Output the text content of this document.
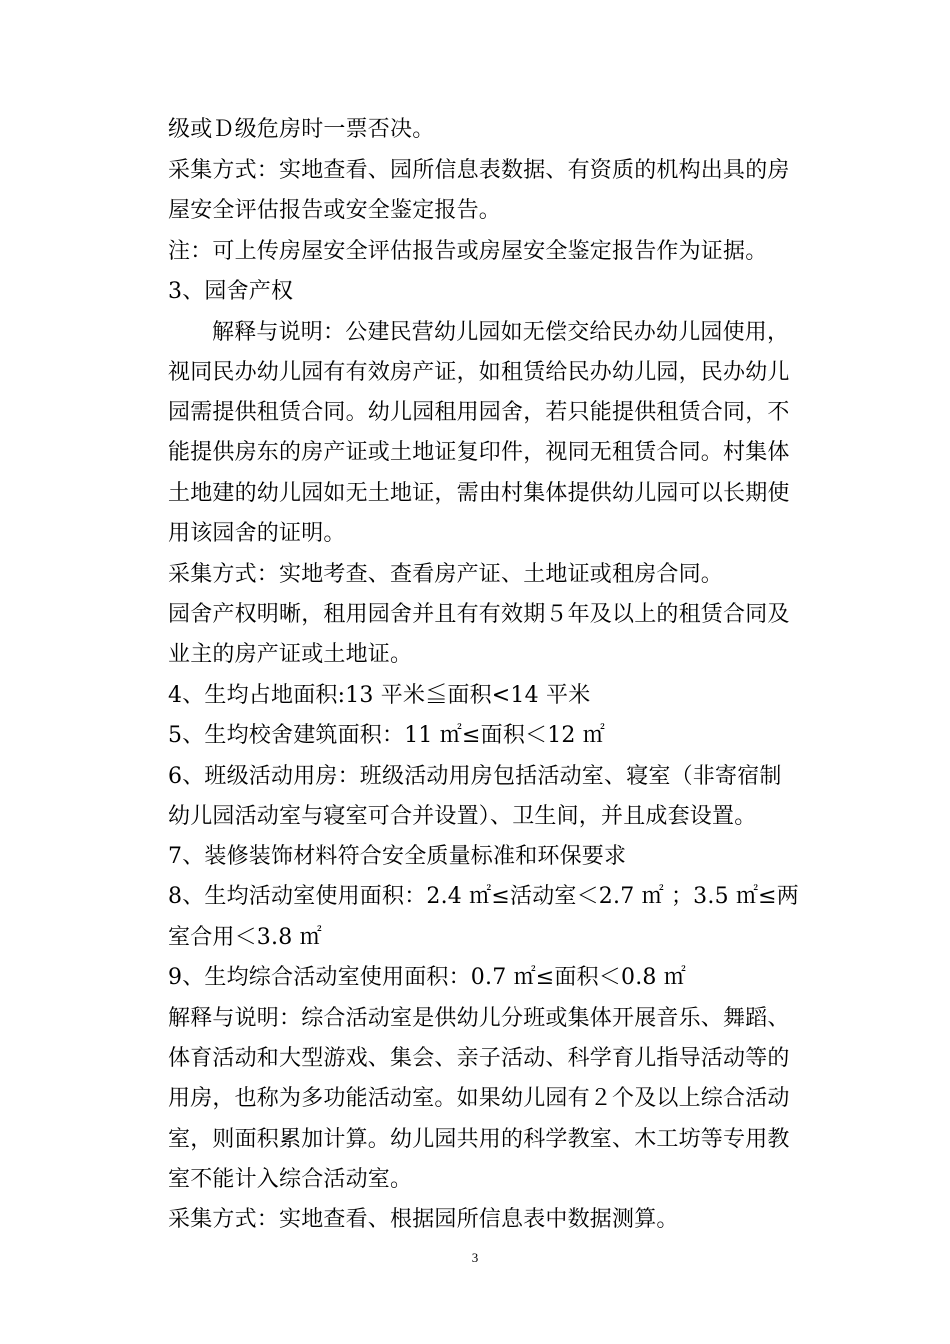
级或Ｄ级危房时一票否决。
采集方式：实地查看、园所信息表数据、有资质的机构出具的房
屋安全评估报告或安全鉴定报告。
注：可上传房屋安全评估报告或房屋安全鉴定报告作为证据。
3、园舍产权
解释与说明：公建民营幼儿园如无偿交给民办幼儿园使用，
视同民办幼儿园有有效房产证，如租赁给民办幼儿园，民办幼儿
园需提供租赁合同。幼儿园租用园舍，若只能提供租赁合同，不
能提供房东的房产证或土地证复印件，视同无租赁合同。村集体
土地建的幼儿园如无土地证，需由村集体提供幼儿园可以长期使
用该园舍的证明。
采集方式：实地考查、查看房产证、土地证或租房合同。
园舍产权明晰，租用园舍并且有有效期５年及以上的租赁合同及
业主的房产证或土地证。
4、生均占地面积:13 平米≦面积<14 平米
5、生均校舍建筑面积：11 ㎡≤面积＜12 ㎡
6、班级活动用房：班级活动用房包括活动室、寝室（非寄宿制
幼儿园活动室与寝室可合并设置）、卫生间，并且成套设置。
7、装修装饰材料符合安全质量标准和环保要求
8、生均活动室使用面积：2.4 ㎡≤活动室＜2.7 ㎡ ；3.5 ㎡≤两
室合用＜3.8 ㎡
9、生均综合活动室使用面积：0.7 ㎡≤面积＜0.8 ㎡
解释与说明：综合活动室是供幼儿分班或集体开展音乐、舞蹈、
体育活动和大型游戏、集会、亲子活动、科学育儿指导活动等的
用房，也称为多功能活动室。如果幼儿园有２个及以上综合活动
室，则面积累加计算。幼儿园共用的科学教室、木工坊等专用教
室不能计入综合活动室。
采集方式：实地查看、根据园所信息表中数据测算。
3
